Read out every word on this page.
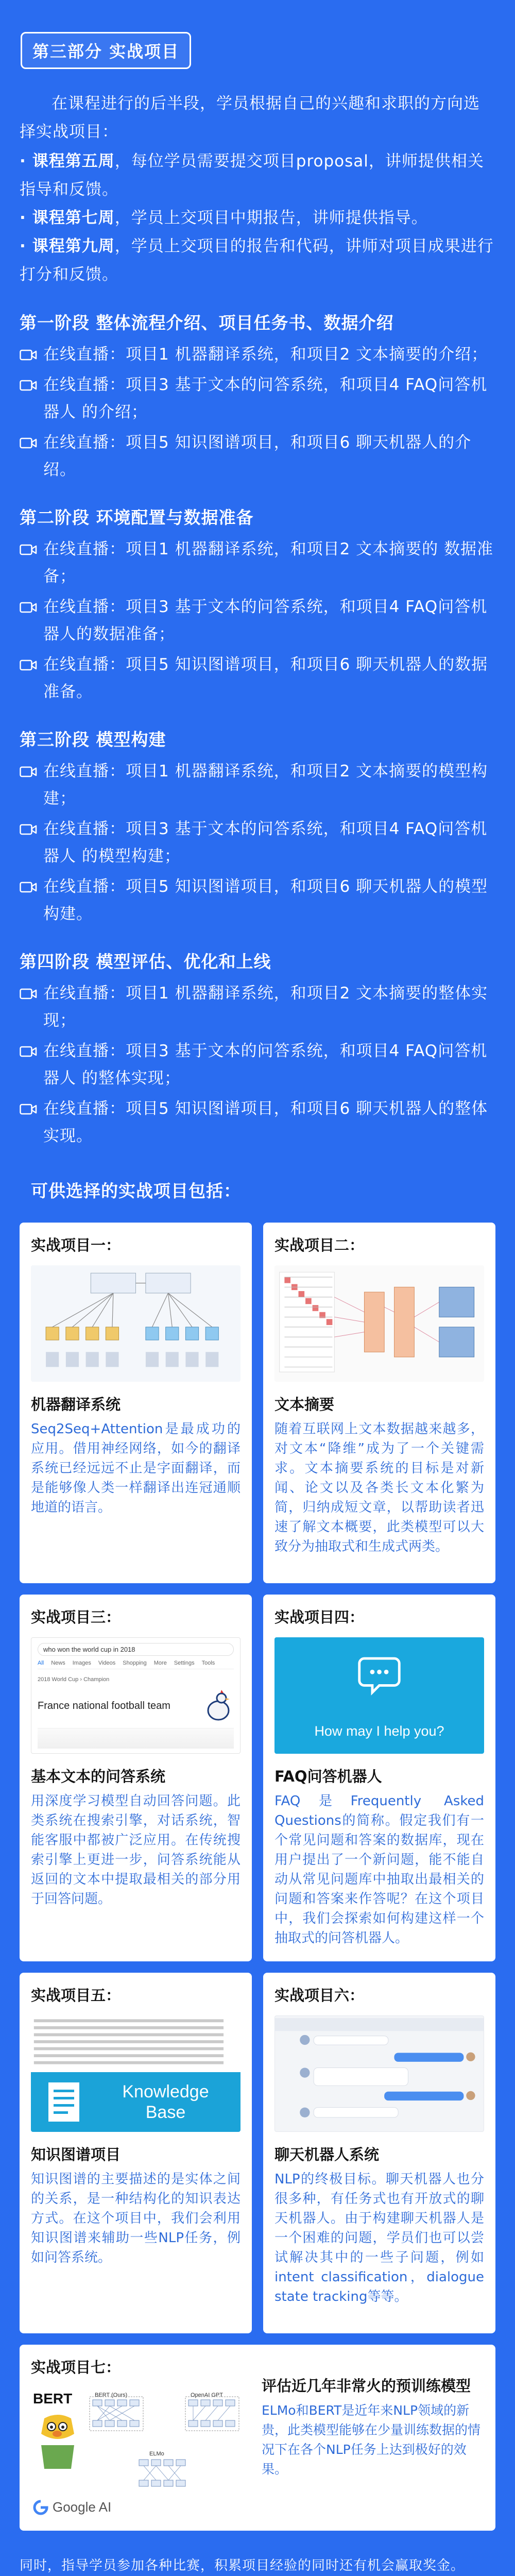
第三部分 实战项目
在课程进行的后半段，学员根据自己的兴趣和求职的方向选择实战项目：
· 课程第五周，每位学员需要提交项目proposal，讲师提供相关指导和反馈。
· 课程第七周，学员上交项目中期报告，讲师提供指导。
· 课程第九周，学员上交项目的报告和代码，讲师对项目成果进行打分和反馈。
第一阶段 整体流程介绍、项目任务书、数据介绍
在线直播：项目1 机器翻译系统，和项目2 文本摘要的介绍；
在线直播：项目3 基于文本的问答系统，和项目4 FAQ问答机器人 的介绍；
在线直播：项目5 知识图谱项目，和项目6 聊天机器人的介绍。
第二阶段 环境配置与数据准备
在线直播：项目1 机器翻译系统，和项目2 文本摘要的 数据准备；
在线直播：项目3 基于文本的问答系统，和项目4 FAQ问答机器人的数据准备；
在线直播：项目5 知识图谱项目，和项目6 聊天机器人的数据准备。
第三阶段 模型构建
在线直播：项目1 机器翻译系统，和项目2 文本摘要的模型构建；
在线直播：项目3 基于文本的问答系统，和项目4 FAQ问答机器人 的模型构建；
在线直播：项目5 知识图谱项目，和项目6 聊天机器人的模型构建。
第四阶段 模型评估、优化和上线
在线直播：项目1 机器翻译系统，和项目2 文本摘要的整体实现；
在线直播：项目3 基于文本的问答系统，和项目4 FAQ问答机器人 的整体实现；
在线直播：项目5 知识图谱项目，和项目6 聊天机器人的整体实现。
可供选择的实战项目包括：
实战项目一：
机器翻译系统
Seq2Seq+Attention是最成功的应用。借用神经网络，如今的翻译系统已经远远不止是字面翻译，而是能够像人类一样翻译出连冠通顺地道的语言。
实战项目二：
文本摘要
随着互联网上文本数据越来越多，对文本“降维”成为了一个关键需求。文本摘要系统的目标是对新闻、论文以及各类长文本化繁为简，归纳成短文章，以帮助读者迅速了解文本概要，此类模型可以大致分为抽取式和生成式两类。
实战项目三：
who won the world cup in 2018
All News Images Videos Shopping More Settings Tools
2018 World Cup › Champion
France national football team
基本文本的问答系统
用深度学习模型自动回答问题。此类系统在搜索引擎，对话系统，智能客服中都被广泛应用。在传统搜索引擎上更进一步，问答系统能从返回的文本中提取最相关的部分用于回答问题。
实战项目四：
How may I help you?
FAQ问答机器人
FAQ是Frequently Asked Questions的简称。假定我们有一个常见问题和答案的数据库，现在用户提出了一个新问题，能不能自动从常见问题库中抽取出最相关的问题和答案来作答呢？在这个项目中，我们会探索如何构建这样一个抽取式的问答机器人。
实战项目五：
Knowledge
Base
知识图谱项目
知识图谱的主要描述的是实体之间的关系，是一种结构化的知识表达方式。在这个项目中，我们会利用知识图谱来辅助一些NLP任务，例如问答系统。
实战项目六：
聊天机器人系统
NLP的终极目标。聊天机器人也分很多种，有任务式也有开放式的聊天机器人。由于构建聊天机器人是一个困难的问题，学员们也可以尝试解决其中的一些子问题，例如intent classification，dialogue state tracking等等。
实战项目七：
BERT	BERT (Ours)	OpenAI GPT
ELMo
Google AI
评估近几年非常火的预训练模型
ELMo和BERT是近年来NLP领域的新贵，此类模型能够在少量训练数据的情况下在各个NLP任务上达到极好的效果。
同时，指导学员参加各种比赛，积累项目经验的同时还有机会赢取奖金。
